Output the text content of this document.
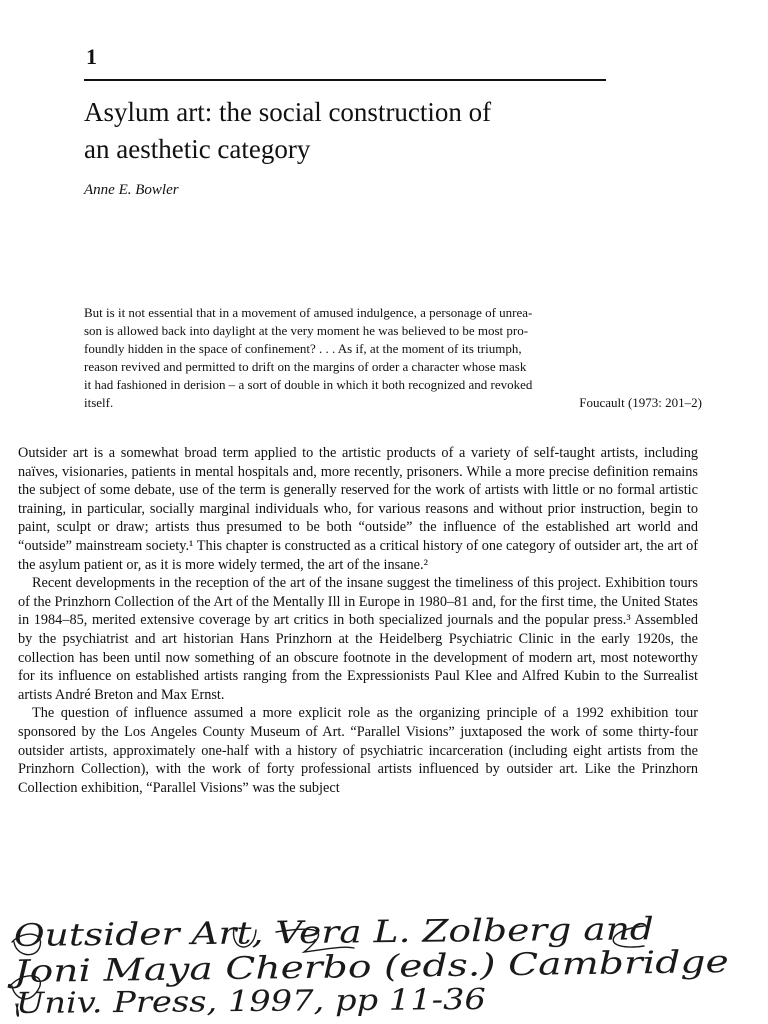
1
Asylum art: the social construction of
an aesthetic category
Anne E. Bowler
But is it not essential that in a movement of amused indulgence, a personage of unrea-
son is allowed back into daylight at the very moment he was believed to be most pro-
foundly hidden in the space of confinement? . . . As if, at the moment of its triumph,
reason revived and permitted to drift on the margins of order a character whose mask
it had fashioned in derision – a sort of double in which it both recognized and revoked
itself.	Foucault (1973: 201–2)

Outsider art is a somewhat broad term applied to the artistic products of a variety of self-taught artists, including naïves, visionaries, patients in mental hospitals and, more recently, prisoners. While a more precise definition remains the subject of some debate, use of the term is generally reserved for the work of artists with little or no formal artistic training, in particular, socially marginal individuals who, for various reasons and without prior instruction, begin to paint, sculpt or draw; artists thus presumed to be both “outside” the influence of the established art world and “outside” mainstream society.¹ This chapter is constructed as a critical history of one category of outsider art, the art of the asylum patient or, as it is more widely termed, the art of the insane.²

Recent developments in the reception of the art of the insane suggest the timeliness of this project. Exhibition tours of the Prinzhorn Collection of the Art of the Mentally Ill in Europe in 1980–81 and, for the first time, the United States in 1984–85, merited extensive coverage by art critics in both specialized journals and the popular press.³ Assembled by the psychiatrist and art historian Hans Prinzhorn at the Heidelberg Psychiatric Clinic in the early 1920s, the collection has been until now something of an obscure footnote in the development of modern art, most noteworthy for its influence on established artists ranging from the Expressionists Paul Klee and Alfred Kubin to the Surrealist artists André Breton and Max Ernst.

The question of influence assumed a more explicit role as the organizing principle of a 1992 exhibition tour sponsored by the Los Angeles County Museum of Art. “Parallel Visions” juxtaposed the work of some thirty-four outsider artists, approximately one-half with a history of psychiatric incarceration (including eight artists from the Prinzhorn Collection), with the work of forty professional artists influenced by outsider art. Like the Prinzhorn Collection exhibition, “Parallel Visions” was the subject

Outsider Art, Vera L. Zolberg and
Joni Maya Cherbo (eds.) Cambridge
Univ. Press, 1997, pp 11-36
